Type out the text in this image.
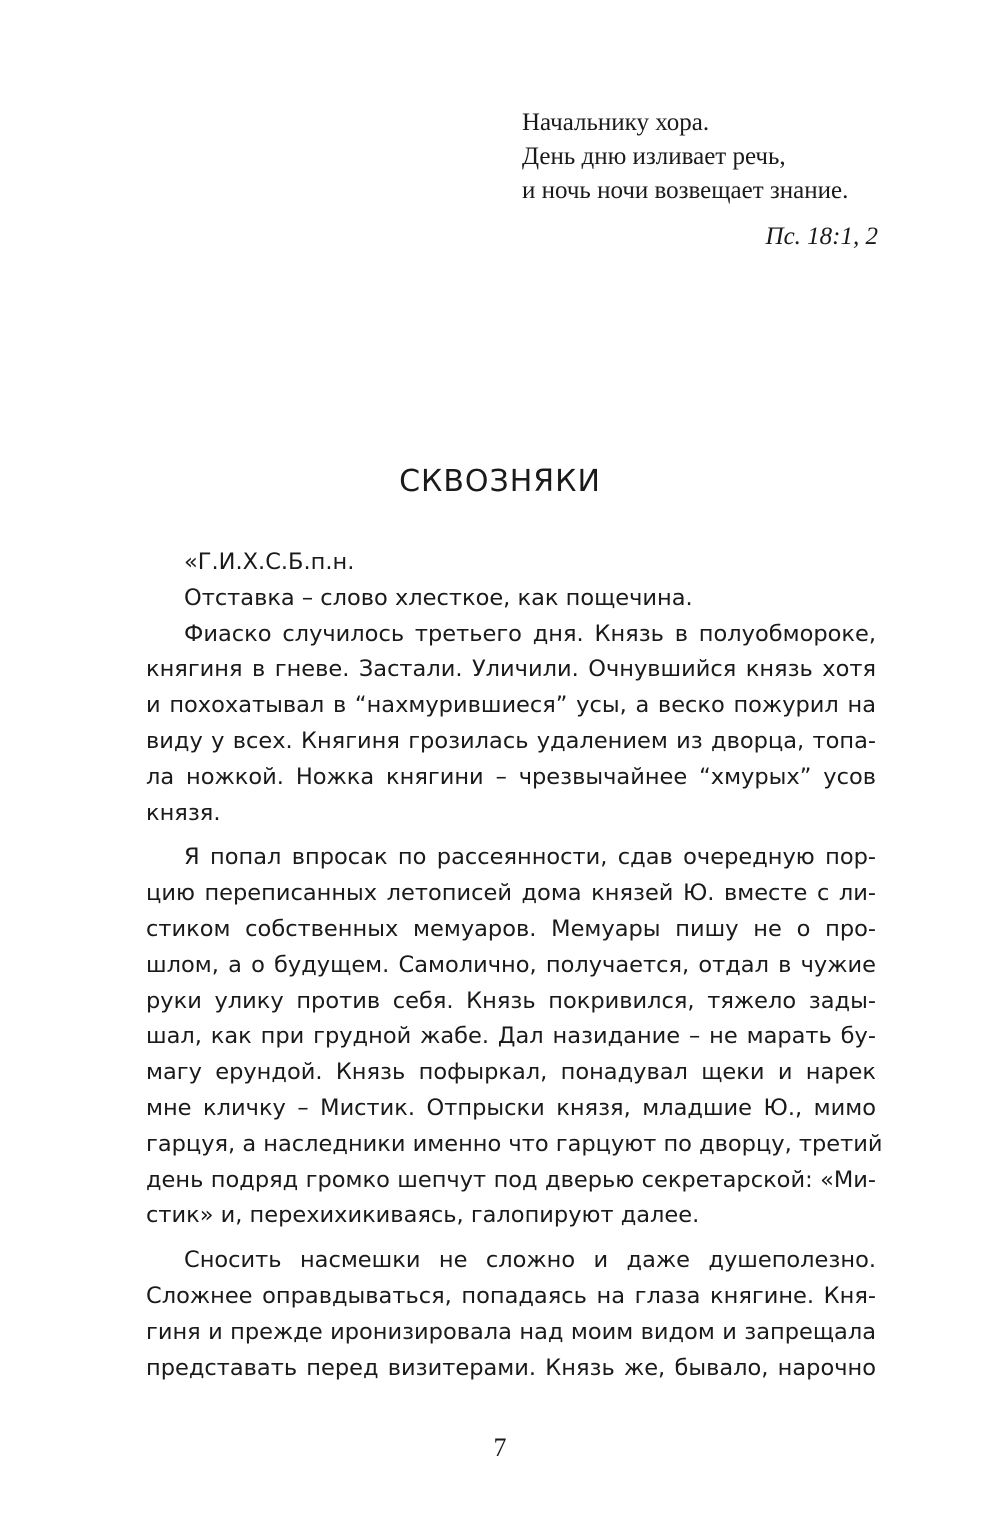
Начальнику хора.
День дню изливает речь,
и ночь ночи возвещает знание.
Пс. 18:1, 2
СКВОЗНЯКИ

«Г.И.Х.С.Б.п.н.

Отставка – слово хлесткое, как пощечина.

Фиаско случилось третьего дня. Князь в полуобмороке,
княгиня в гневе. Застали. Уличили. Очнувшийся князь хотя
и похохатывал в “нахмурившиеся” усы, а веско пожурил на
виду у всех. Княгиня грозилась удалением из дворца, топа-
ла ножкой. Ножка княгини – чрезвычайнее “хмурых” усов
князя.

Я попал впросак по рассеянности, сдав очередную пор-
цию переписанных летописей дома князей Ю. вместе с ли-
стиком собственных мемуаров. Мемуары пишу не о про-
шлом, а о будущем. Самолично, получается, отдал в чужие
руки улику против себя. Князь покривился, тяжело зады-
шал, как при грудной жабе. Дал назидание – не марать бу-
магу ерундой. Князь пофыркал, понадувал щеки и нарек
мне кличку – Мистик. Отпрыски князя, младшие Ю., мимо
гарцуя, а наследники именно что гарцуют по дворцу, третий
день подряд громко шепчут под дверью секретарской: «Ми-
стик» и, перехихикиваясь, галопируют далее.

Сносить насмешки не сложно и даже душеполезно.
Сложнее оправдываться, попадаясь на глаза княгине. Кня-
гиня и прежде иронизировала над моим видом и запрещала
представать перед визитерами. Князь же, бывало, нарочно

7
